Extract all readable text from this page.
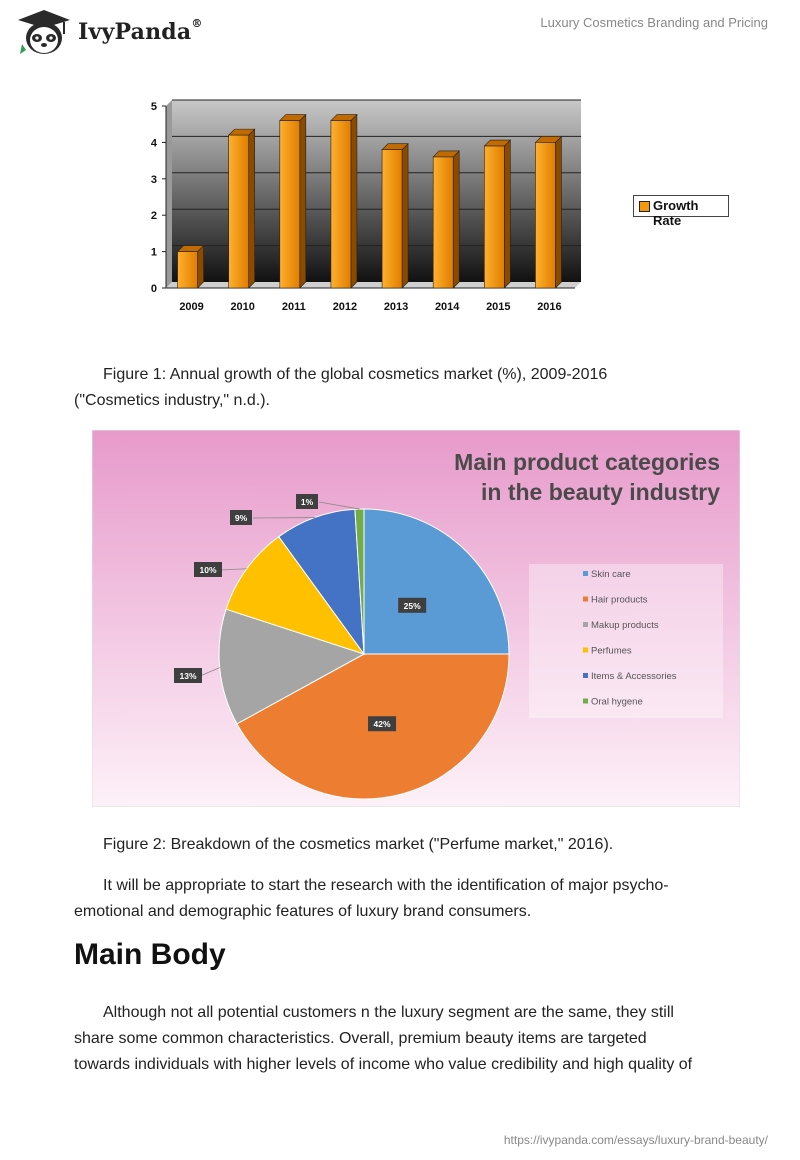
IvyPanda®	Luxury Cosmetics Branding and Pricing
0
1
2
3
4
5
2009 2010 2011 2012 2013 2014 2015 2016
Growth Rate
Figure 1: Annual growth of the global cosmetics market (%), 2009-2016
("Cosmetics industry," n.d.).
Main product categories
in the beauty industry
25%
42%
13%
10%
9%
1%
Skin care
Hair products
Makup products
Perfumes
Items & Accessories
Oral hygene
Figure 2: Breakdown of the cosmetics market ("Perfume market," 2016).
It will be appropriate to start the research with the identification of major psycho-
emotional and demographic features of luxury brand consumers.
Main Body
Although not all potential customers n the luxury segment are the same, they still
share some common characteristics. Overall, premium beauty items are targeted
towards individuals with higher levels of income who value credibility and high quality of
https://ivypanda.com/essays/luxury-brand-beauty/
